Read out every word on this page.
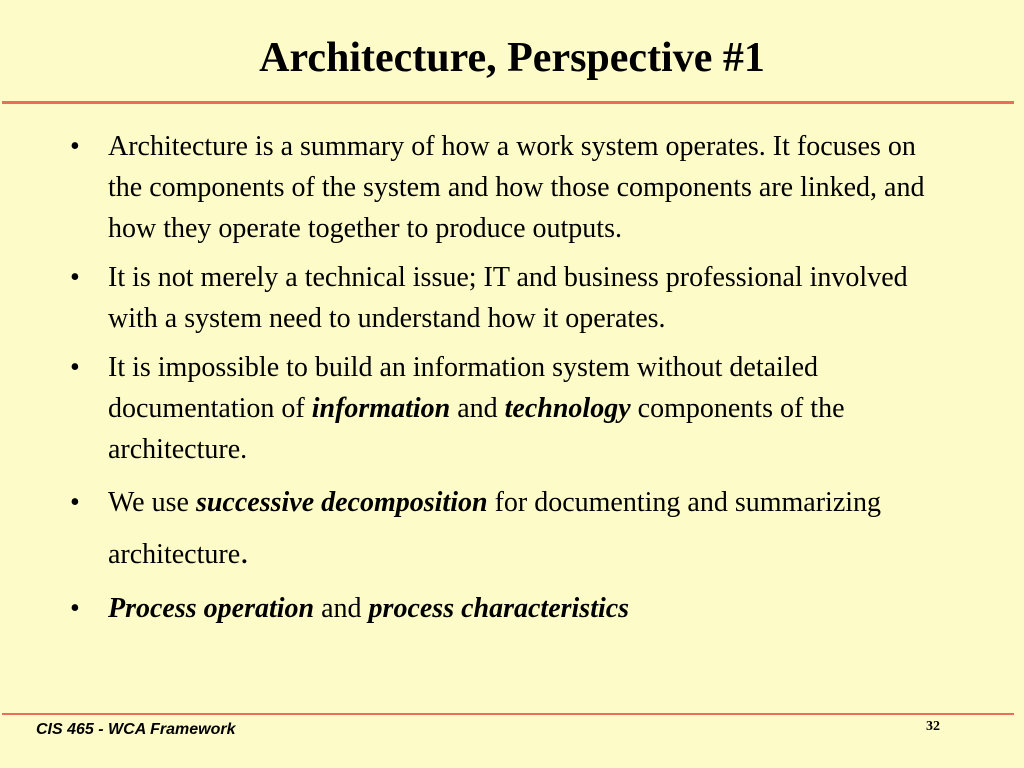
Architecture, Perspective #1
• Architecture is a summary of how a work system operates. It focuses on the components of the system and how those components are linked, and how they operate together to produce outputs.
• It is not merely a technical issue; IT and business professional involved with a system need to understand how it operates.
• It is impossible to build an information system without detailed documentation of information and technology components of the architecture.
• We use successive decomposition for documenting and summarizing architecture.
• Process operation and process characteristics
CIS 465 - WCA Framework	32
